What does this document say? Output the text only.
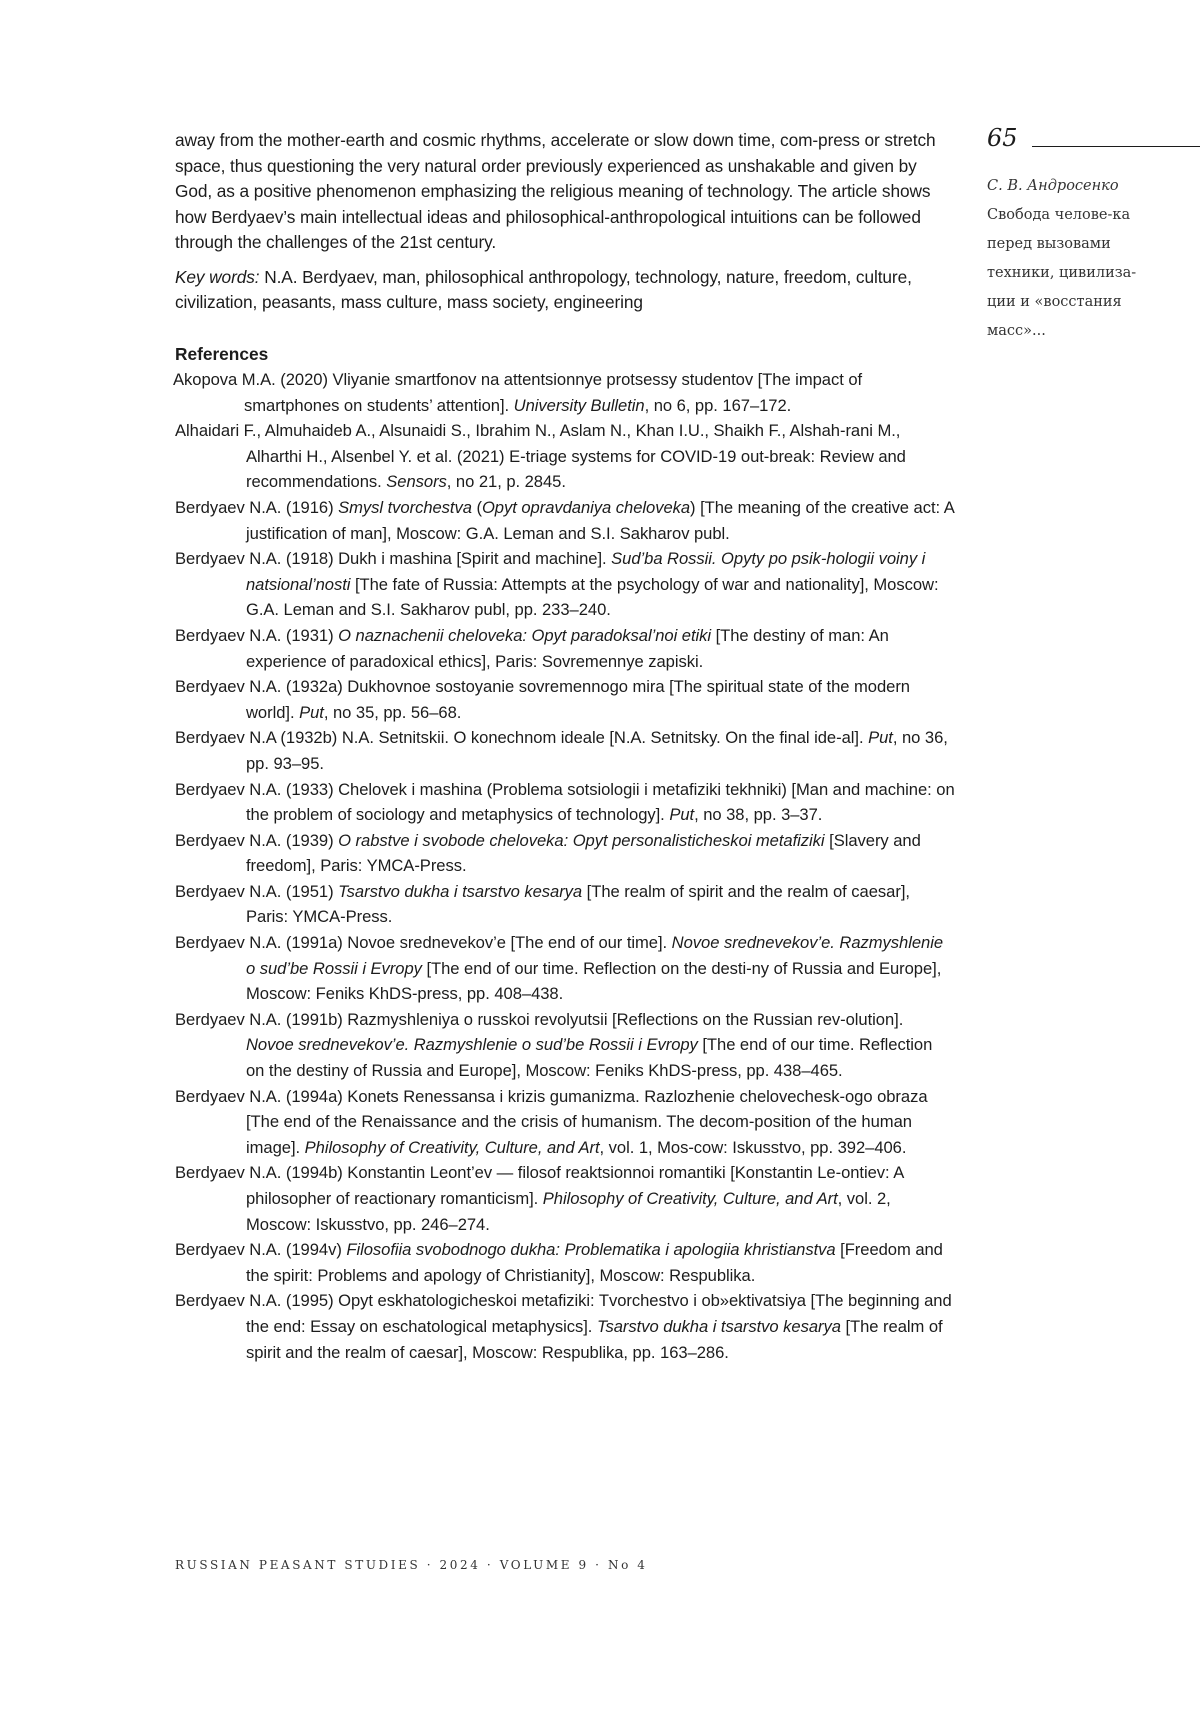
away from the mother-earth and cosmic rhythms, accelerate or slow down time, com-press or stretch space, thus questioning the very natural order previously experienced as unshakable and given by God, as a positive phenomenon emphasizing the religious meaning of technology. The article shows how Berdyaev’s main intellectual ideas and philosophical-anthropological intuitions can be followed through the challenges of the 21st century.

Key words: N.A. Berdyaev, man, philosophical anthropology, technology, nature, freedom, culture, civilization, peasants, mass culture, mass society, engineering

References
Akopova M.A. (2020) Vliyanie smartfonov na attentsionnye protsessy studentov [The impact of smartphones on students’ attention]. University Bulletin, no 6, pp. 167–172.
Alhaidari F., Almuhaideb A., Alsunaidi S., Ibrahim N., Aslam N., Khan I.U., Shaikh F., Alshah-rani M., Alharthi H., Alsenbel Y. et al. (2021) E-triage systems for COVID-19 out-break: Review and recommendations. Sensors, no 21, p. 2845.
Berdyaev N.A. (1916) Smysl tvorchestva (Opyt opravdaniya cheloveka) [The meaning of the creative act: A justification of man], Moscow: G.A. Leman and S.I. Sakharov publ.
Berdyaev N.A. (1918) Dukh i mashina [Spirit and machine]. Sud’ba Rossii. Opyty po psik-hologii voiny i natsional’nosti [The fate of Russia: Attempts at the psychology of war and nationality], Moscow: G.A. Leman and S.I. Sakharov publ, pp. 233–240.
Berdyaev N.A. (1931) O naznachenii cheloveka: Opyt paradoksal’noi etiki [The destiny of man: An experience of paradoxical ethics], Paris: Sovremennye zapiski.
Berdyaev N.A. (1932a) Dukhovnoe sostoyanie sovremennogo mira [The spiritual state of the modern world]. Put, no 35, pp. 56–68.
Berdyaev N.A (1932b) N.A. Setnitskii. O konechnom ideale [N.A. Setnitsky. On the final ide-al]. Put, no 36, pp. 93–95.
Berdyaev N.A. (1933) Chelovek i mashina (Problema sotsiologii i metafiziki tekhniki) [Man and machine: on the problem of sociology and metaphysics of technology]. Put, no 38, pp. 3–37.
Berdyaev N.A. (1939) O rabstve i svobode cheloveka: Opyt personalisticheskoi metafiziki [Slavery and freedom], Paris: YMCA-Press.
Berdyaev N.A. (1951) Tsarstvo dukha i tsarstvo kesarya [The realm of spirit and the realm of caesar], Paris: YMCA-Press.
Berdyaev N.A. (1991a) Novoe srednevekov’e [The end of our time]. Novoe srednevekov’e. Razmyshlenie o sud’be Rossii i Evropy [The end of our time. Reflection on the desti-ny of Russia and Europe], Moscow: Feniks KhDS-press, pp. 408–438.
Berdyaev N.A. (1991b) Razmyshleniya o russkoi revolyutsii [Reflections on the Russian rev-olution]. Novoe srednevekov’e. Razmyshlenie o sud’be Rossii i Evropy [The end of our time. Reflection on the destiny of Russia and Europe], Moscow: Feniks KhDS-press, pp. 438–465.
Berdyaev N.A. (1994a) Konets Renessansa i krizis gumanizma. Razlozhenie chelovechesk-ogo obraza [The end of the Renaissance and the crisis of humanism. The decom-position of the human image]. Philosophy of Creativity, Culture, and Art, vol. 1, Mos-cow: Iskusstvo, pp. 392–406.
Berdyaev N.A. (1994b) Konstantin Leont’ev — filosof reaktsionnoi romantiki [Konstantin Le-ontiev: A philosopher of reactionary romanticism]. Philosophy of Creativity, Culture, and Art, vol. 2, Moscow: Iskusstvo, pp. 246–274.
Berdyaev N.A. (1994v) Filosofiia svobodnogo dukha: Problematika i apologiia khristianstva [Freedom and the spirit: Problems and apology of Christianity], Moscow: Respublika.
Berdyaev N.A. (1995) Opyt eskhatologicheskoi metafiziki: Tvorchestvo i ob»ektivatsiya [The beginning and the end: Essay on eschatological metaphysics]. Tsarstvo dukha i tsarstvo kesarya [The realm of spirit and the realm of caesar], Moscow: Respublika, pp. 163–286.
65
С. В. Андросенко
Свобода челове-ка перед вызовами техники, цивилиза-ции и «восстания масс»...
RUSSIAN PEASANT STUDIES · 2024 · VOLUME 9 · No 4
